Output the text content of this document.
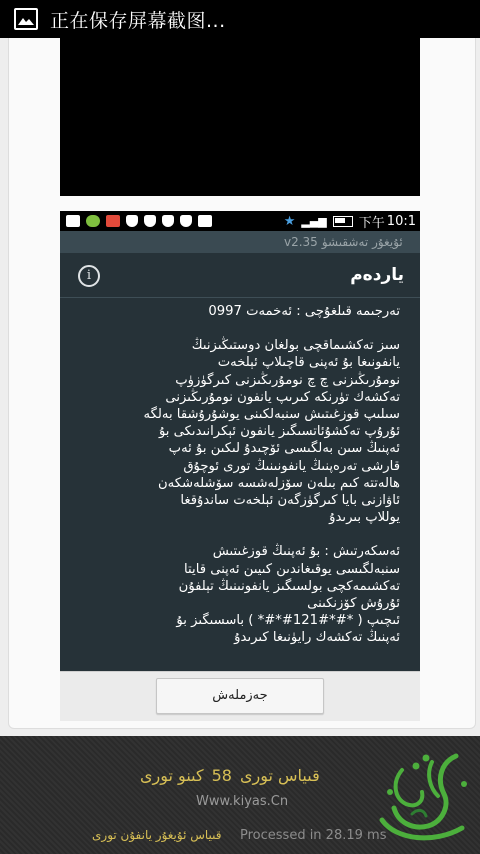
正在保存屏幕截图...
★ ▂▄▆ 下午 10:1
v2.35 ئۇيغۇر تەشقىشۈ
i	ياردەم
تەرجىمە قىلغۇچى : ئەخمەت 0997
سىز تەكشىماقچى بولغان دوستىڭىزنىڭ
يانفونىغا بۇ ئەپنى قاچىلاپ ئېلخەت
نومۇرىڭىزنى چ چ نومۇرىڭىزنى كىرگۈزۈپ
تەكشەك تۈرنكە كىرىپ يانفون نومۇرىڭىزنى
سىلىپ قوزغىتىش سنبەلكىنى يوشۇرۇشقا بەلگە
ئۇرۇپ تەكشۇئاتسىگىز يانفون ئېكرانىدىكى بۇ
ئەپنىڭ سىن بەلگىسى ئۆچىدۇ لىكىن بۇ ئەپ
قارشى تەرەپنىڭ يانفونىنىڭ تورى ئوچۇق
ھالەتتە كىم بىلەن سۆزلەشسە سۆشلەشكەن
ئاۋازنى بايا كىرگۈزگەن ئېلخەت ساندۇقغا
يوللاپ بىرىدۇ
ئەسكەرتىش : بۇ ئەپنىڭ قوزغىتىش
سنبەلگىسى يوقىغاندىن كىيىن ئەپنى قايتا
تەكشىمەكچى بولسىگىز يانفونىنىڭ تېلفۇن
ئۇرۇش كۆزنكىنى
ئىچىپ ( *#*#121#*#* ) باسسىگىز بۇ
ئەپنىڭ تەكشەك رايۈنىغا كىرىدۇ
جەزملەش
قىياس تورى58كىنو تورى
Www.kiyas.Cn
قىياس ئۇيغۇر يانفۇن تورى Processed in 28.19 ms
